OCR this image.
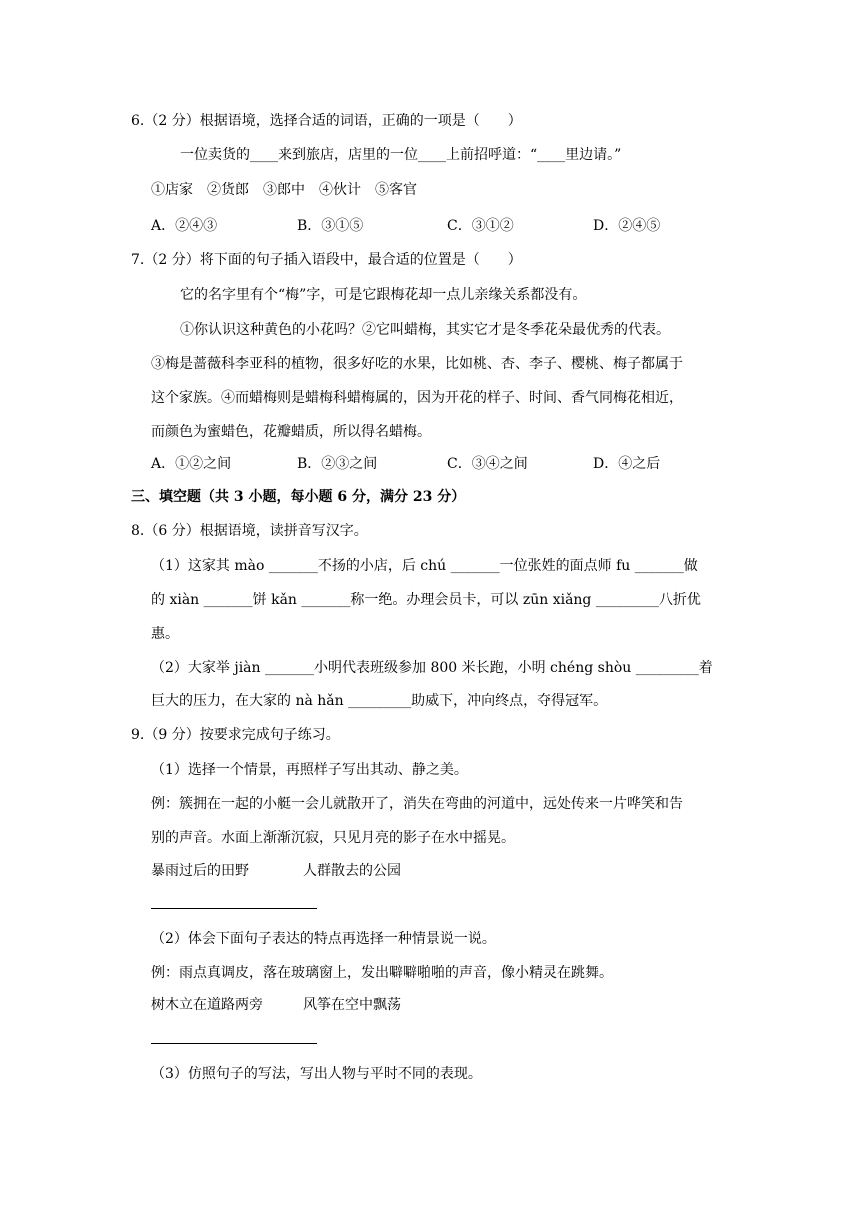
6.（2 分）根据语境，选择合适的词语，正确的一项是（　　）
一位卖货的____来到旅店，店里的一位____上前招呼道：“____里边请。”
①店家　②货郎　③郎中　④伙计　⑤客官
A．②④③	B．③①⑤	C．③①②	D．②④⑤
7.（2 分）将下面的句子插入语段中，最合适的位置是（　　）
它的名字里有个“梅”字，可是它跟梅花却一点儿亲缘关系都没有。
①你认识这种黄色的小花吗？②它叫蜡梅，其实它才是冬季花朵最优秀的代表。
③梅是蔷薇科李亚科的植物，很多好吃的水果，比如桃、杏、李子、樱桃、梅子都属于
这个家族。④而蜡梅则是蜡梅科蜡梅属的，因为开花的样子、时间、香气同梅花相近，
而颜色为蜜蜡色，花瓣蜡质，所以得名蜡梅。
A．①②之间	B．②③之间	C．③④之间	D．④之后
三、填空题（共 3 小题，每小题 6 分，满分 23 分）
8.（6 分）根据语境，读拼音写汉字。
（1）这家其 mào _______不扬的小店，后 chú _______一位张姓的面点师 fu _______做
的 xiàn _______饼 kǎn _______称一绝。办理会员卡，可以 zūn xiǎng _________八折优
惠。
（2）大家举 jiàn _______小明代表班级参加 800 米长跑，小明 chéng shòu _________着
巨大的压力，在大家的 nà hǎn _________助威下，冲向终点，夺得冠军。
9.（9 分）按要求完成句子练习。
（1）选择一个情景，再照样子写出其动、静之美。
例：簇拥在一起的小艇一会儿就散开了，消失在弯曲的河道中，远处传来一片哗笑和告
别的声音。水面上渐渐沉寂，只见月亮的影子在水中摇晃。
暴雨过后的田野	人群散去的公园
（2）体会下面句子表达的特点再选择一种情景说一说。
例：雨点真调皮，落在玻璃窗上，发出噼噼啪啪的声音，像小精灵在跳舞。
树木立在道路两旁	风筝在空中飘荡
（3）仿照句子的写法，写出人物与平时不同的表现。
